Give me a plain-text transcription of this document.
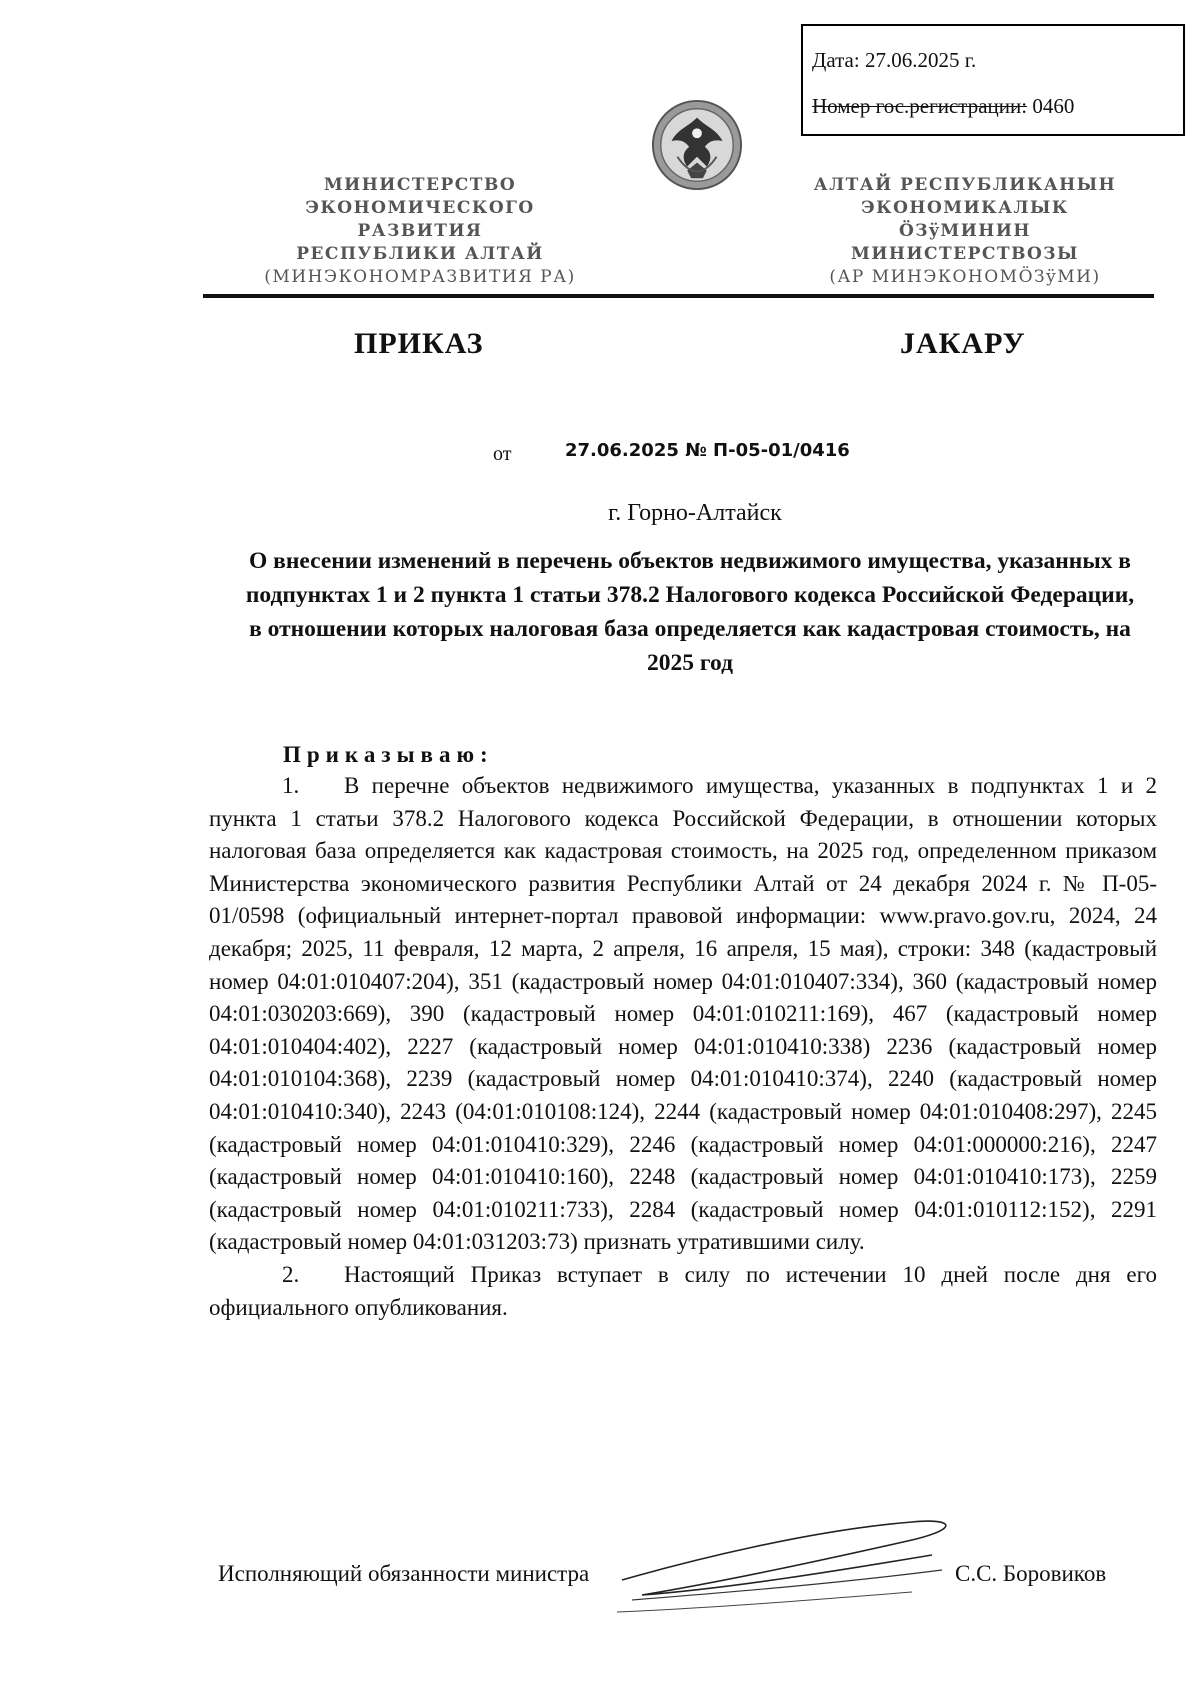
Дата: 27.06.2025 г.
Номер гос.регистрации: 0460
МИНИСТЕРСТВО
ЭКОНОМИЧЕСКОГО РАЗВИТИЯ
РЕСПУБЛИКИ АЛТАЙ
(МИНЭКОНОМРАЗВИТИЯ РА)
АЛТАЙ РЕСПУБЛИКАНЫН
ЭКОНОМИКАЛЫК ÖЗÿМИНИН
МИНИСТЕРСТВОЗЫ
(АР МИНЭКОНОМÖЗÿМИ)
ПРИКАЗ	JАКАРУ
от	27.06.2025 № П-05-01/0416
г. Горно-Алтайск
О внесении изменений в перечень объектов недвижимого имущества, указанных в подпунктах 1 и 2 пункта 1 статьи 378.2 Налогового кодекса Российской Федерации, в отношении которых налоговая база определяется как кадастровая стоимость, на 2025 год
Приказываю:

1. В перечне объектов недвижимого имущества, указанных в подпунктах 1 и 2 пункта 1 статьи 378.2 Налогового кодекса Российской Федерации, в отношении которых налоговая база определяется как кадастровая стоимость, на 2025 год, определенном приказом Министерства экономического развития Республики Алтай от 24 декабря 2024 г. № П-05-01/0598 (официальный интернет-портал правовой информации: www.pravo.gov.ru, 2024, 24 декабря; 2025, 11 февраля, 12 марта, 2 апреля, 16 апреля, 15 мая), строки: 348 (кадастровый номер 04:01:010407:204), 351 (кадастровый номер 04:01:010407:334), 360 (кадастровый номер 04:01:030203:669), 390 (кадастровый номер 04:01:010211:169), 467 (кадастровый номер 04:01:010404:402), 2227 (кадастровый номер 04:01:010410:338) 2236 (кадастровый номер 04:01:010104:368), 2239 (кадастровый номер 04:01:010410:374), 2240 (кадастровый номер 04:01:010410:340), 2243 (04:01:010108:124), 2244 (кадастровый номер 04:01:010408:297), 2245 (кадастровый номер 04:01:010410:329), 2246 (кадастровый номер 04:01:000000:216), 2247 (кадастровый номер 04:01:010410:160), 2248 (кадастровый номер 04:01:010410:173), 2259 (кадастровый номер 04:01:010211:733), 2284 (кадастровый номер 04:01:010112:152), 2291 (кадастровый номер 04:01:031203:73) признать утратившими силу.

2. Настоящий Приказ вступает в силу по истечении 10 дней после дня его официального опубликования.

Исполняющий обязанности министра	С.С. Боровиков
